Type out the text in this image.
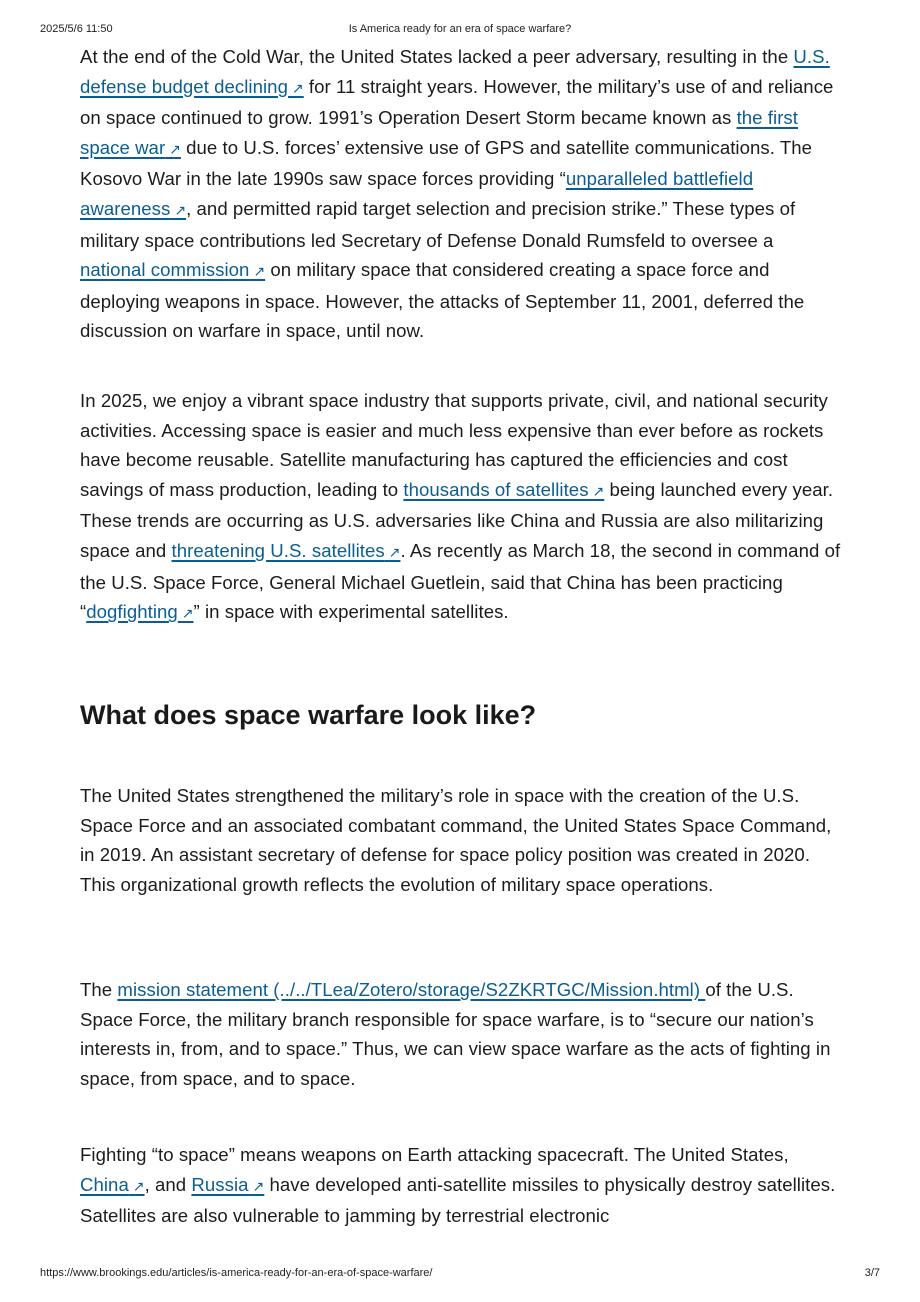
2025/5/6 11:50	Is America ready for an era of space warfare?

At the end of the Cold War, the United States lacked a peer adversary, resulting in the U.S. defense budget declining ↗ for 11 straight years. However, the military’s use of and reliance on space continued to grow. 1991’s Operation Desert Storm became known as the first space war ↗ due to U.S. forces’ extensive use of GPS and satellite communications. The Kosovo War in the late 1990s saw space forces providing “unparalleled battlefield awareness ↗ , and permitted rapid target selection and precision strike.” These types of military space contributions led Secretary of Defense Donald Rumsfeld to oversee a national commission ↗ on military space that considered creating a space force and deploying weapons in space. However, the attacks of September 11, 2001, deferred the discussion on warfare in space, until now.

In 2025, we enjoy a vibrant space industry that supports private, civil, and national security activities. Accessing space is easier and much less expensive than ever before as rockets have become reusable. Satellite manufacturing has captured the efficiencies and cost savings of mass production, leading to thousands of satellites ↗ being launched every year. These trends are occurring as U.S. adversaries like China and Russia are also militarizing space and threatening U.S. satellites ↗ . As recently as March 18, the second in command of the U.S. Space Force, General Michael Guetlein, said that China has been practicing “dogfighting ↗ ” in space with experimental satellites.

What does space warfare look like?

The United States strengthened the military’s role in space with the creation of the U.S. Space Force and an associated combatant command, the United States Space Command, in 2019. An assistant secretary of defense for space policy position was created in 2020. This organizational growth reflects the evolution of military space operations.

The mission statement (../../TLea/Zotero/storage/S2ZKRTGC/Mission.html) of the U.S. Space Force, the military branch responsible for space warfare, is to “secure our nation’s interests in, from, and to space.” Thus, we can view space warfare as the acts of fighting in space, from space, and to space.

Fighting “to space” means weapons on Earth attacking spacecraft. The United States, China ↗ , and Russia ↗ have developed anti-satellite missiles to physically destroy satellites. Satellites are also vulnerable to jamming by terrestrial electronic

https://www.brookings.edu/articles/is-america-ready-for-an-era-of-space-warfare/	3/7
